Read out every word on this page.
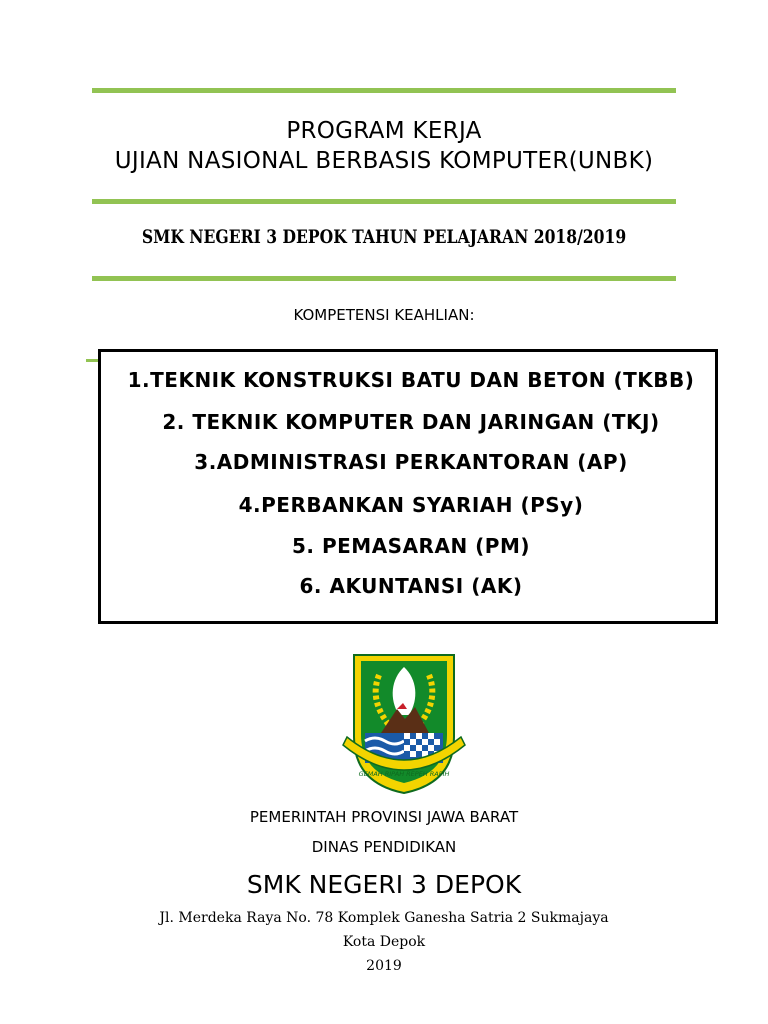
PROGRAM KERJA
UJIAN NASIONAL BERBASIS KOMPUTER(UNBK)
SMK NEGERI 3 DEPOK TAHUN PELAJARAN 2018/2019
KOMPETENSI KEAHLIAN:
1.TEKNIK KONSTRUKSI BATU DAN BETON (TKBB)
2. TEKNIK KOMPUTER DAN JARINGAN (TKJ)
3.ADMINISTRASI PERKANTORAN (AP)
4.PERBANKAN SYARIAH (PSy)
5. PEMASARAN (PM)
6. AKUNTANSI (AK)
GEMAH RIPAH REPEH RAPIH
PEMERINTAH PROVINSI JAWA BARAT
DINAS PENDIDIKAN
SMK NEGERI 3 DEPOK
Jl. Merdeka Raya No. 78 Komplek Ganesha Satria 2 Sukmajaya
Kota Depok
2019
